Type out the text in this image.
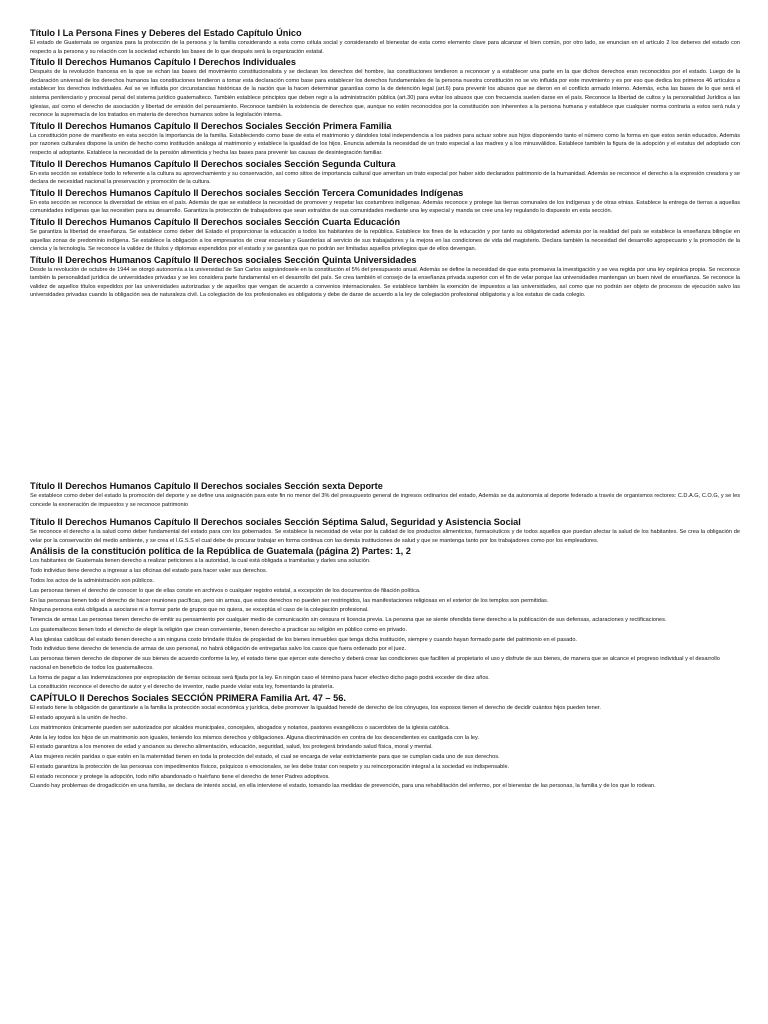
Título I La Persona Fines y Deberes del Estado Capítulo Único

El estado de Guatemala se organiza para la protección de la persona y la familia considerando a esta como célula social y considerando el bienestar de esta como elemento clave para alcanzar el bien común, por otro lado, se enuncian en el artículo 2 los deberes del estado con respecto a la persona y su relación con la sociedad echando las bases de lo que después será la organización estatal.

Título II Derechos Humanos Capítulo I Derechos Individuales

Después de la revolución francesa en la que se echan las bases del movimiento constitucionalista y se declaran los derechos del hombre, las constituciones tendieron a reconocer y a establecer una parte en la que dichos derechos eran reconocidos por el estado. Luego de la declaración universal de los derechos humanos las constituciones tendieron a tomar esta declaración como base para establecer los derechos fundamentales de la persona nuestra constitución no se vio influida por este movimiento y es por eso que dedica los primeros 46 artículos a establecer los derechos individuales. Así se ve influida por circunstancias históricas de la nación que la hacen determinar garantías como la de detención legal (art.6) para prevenir los abusos que se dieron en el conflicto armado interno. Además, echa las bases de lo que será el sistema penitenciario y procesal penal del sistema jurídico guatemalteco. También establece principios que deben regir a la administración pública (art.30) para evitar los abusos que con frecuencia suelen darse en el país. Reconoce la libertad de cultos y la personalidad Jurídica a las iglesias, así como el derecho de asociación y libertad de emisión del pensamiento. Reconoce también la existencia de derechos que, aunque no estén reconocidos por la constitución son inherentes a la persona humana y establece que cualquier norma contraria a estos será nula y reconoce la supremacía de los tratados en materia de derechos humanos sobre la legislación interna.

Título II Derechos Humanos Capítulo II Derechos Sociales Sección Primera Familia

La constitución pone de manifiesto en esta sección la importancia de la familia. Estableciendo como base de esta el matrimonio y dándoles total independencia a los padres para actuar sobre sus hijos disponiendo tanto el número como la forma en que estos serán educados. Además por razones culturales dispone la unión de hecho como institución análoga al matrimonio y establece la igualdad de los hijos. Enuncia además la necesidad de un trato especial a las madres y a los minusválidos. Establece también la figura de la adopción y el estatus del adoptado con respecto al adoptante. Establece la necesidad de la pensión alimenticia y hecha las bases para prevenir las causas de desintegración familiar.

Título II Derechos Humanos Capítulo II Derechos sociales Sección Segunda Cultura

En esta sección se establece todo lo referente a la cultura su aprovechamiento y su conservación, así como sitios de importancia cultural que ameritan un trato especial por haber sido declarados patrimonio de la humanidad. Además se reconoce el derecho a la expresión creadora y se declara de necesidad nacional la preservación y promoción de la cultura.

Título II Derechos Humanos Capítulo II Derechos sociales Sección Tercera Comunidades Indígenas

En esta sección se reconoce la diversidad de etnias en el país. Además de que se establece la necesidad de promover y respetar las costumbres indígenas. Además reconoce y protege las tierras comunales de los indígenas y de otras etnias. Establece la entrega de tierras a aquellas comunidades indígenas que las necesiten para su desarrollo. Garantiza la protección de trabajadores que sean extraídos de sus comunidades mediante una ley especial y manda se cree una ley regulando lo dispuesto en esta sección.

Título II Derechos Humanos Capítulo II Derechos sociales Sección Cuarta Educación

Se garantiza la libertad de enseñanza. Se establece como deber del Estado el proporcionar la educación a todos los habitantes de la república. Establece los fines de la educación y por tanto su obligatoriedad además por la realidad del país se establece la enseñanza bilingüe en aquellas zonas de predominio indígena. Se establece la obligación a los empresarios de crear escuelas y Guarderías al servicio de sus trabajadores y la mejora en las condiciones de vida del magisterio. Declara también la necesidad del desarrollo agropecuario y la promoción de la ciencia y la tecnología. Se reconoce la validez de títulos y diplomas expendidos por el estado y se garantiza que no podrán ser limitadas aquellos privilegios que de ellos devengan.

Título II Derechos Humanos Capítulo II Derechos sociales Sección Quinta Universidades

Desde la revolución de octubre de 1944 se otorgó autonomía a la universidad de San Carlos asignándosele en la constitución el 5% del presupuesto anual. Además se define la necesidad de que esta promueva la investigación y se vea regida por una ley orgánica propia. Se reconoce también la personalidad jurídica de universidades privadas y se les considera parte fundamental en el desarrollo del país. Se crea también el consejo de la enseñanza privada superior con el fin de velar porque las universidades mantengan un buen nivel de enseñanza. Se reconoce la validez de aquellos títulos expedidos por las universidades autorizadas y de aquellos que vengan de acuerdo a convenios internacionales. Se establece también la exención de impuestos a las universidades, así como que no podrán ser objeto de procesos de ejecución salvo las universidades privadas cuando la obligación sea de naturaleza civil. La colegiación de los profesionales es obligatoria y debe de darse de acuerdo a la ley de colegiación profesional obligatoria y a los estatus de cada colegio.

Título II Derechos Humanos Capítulo II Derechos sociales Sección sexta Deporte

Se establece como deber del estado la promoción del deporte y se define una asignación para este fin no menor del 3% del presupuesto general de ingresos ordinarios del estado, Además se da autonomía al deporte federado a través de organismos rectores: C.D.A.G, C.O.G, y se les concede la exoneración de impuestos y se reconoce patrimonio

Título II Derechos Humanos Capítulo II Derechos sociales Sección Séptima Salud, Seguridad y Asistencia Social

Se reconoce el derecho a la salud como deber fundamental del estado para con los gobernados. Se establece la necesidad de velar por la calidad de los productos alimenticios, farmacéuticos y de todos aquellos que puedan afectar la salud de los habitantes. Se crea la obligación de velar por la conservación del medio ambiente, y se crea el I.G.S.S el cual debe de procurar trabajar en forma continua con las demás instituciones de salud y que se mantenga tanto por los trabajadores como por los empleadores.

Análisis de la constitución política de la República de Guatemala (página 2) Partes: 1, 2

Los habitantes de Guatemala tienen derecho a realizar peticiones a la autoridad, la cual está obligada a tramitarlas y darles una solución.

Todo individuo tiene derecho a ingresar a las oficinas del estado para hacer valer sus derechos.

Todos los actos de la administración son públicos.

Las personas tienen el derecho de conocer lo que de ellas conste en archivos o cualquier registro estatal, a excepción de los documentos de filiación política.

En las personas tienen todo el derecho de hacer reuniones pacíficas, pero sin armas, que estos derechos no pueden ser restringidos, las manifestaciones religiosas en el exterior de los templos son permitidas.

Ninguna persona está obligada a asociarse ni a formar parte de grupos que no quiera, se exceptúa el caso de la colegiación profesional.

Tenencia de armas Las personas tienen derecho de emitir su pensamiento por cualquier medio de comunicación sin censura ni licencia previa. La persona que se siente ofendida tiene derecho a la publicación de sus defensas, aclaraciones y rectificaciones.

Los guatemaltecos tienen todo el derecho de elegir la religión que crean conveniente, tienen derecho a practicar su religión en público como en privado.

A las iglesias católicas del estado tienen derecho a sin ninguna costo brindarle títulos de propiedad de los bienes inmuebles que tenga dicha institución, siempre y cuando hayan formado parte del patrimonio en el pasado.

Todo individuo tiene derecho de tenencia de armas de uso personal, no habrá obligación de entregarlas salvo los casos que fuera ordenado por el juez.

Las personas tienen derecho de disponer de sus bienes de acuerdo conforme la ley, el estado tiene que ejercer este derecho y deberá crear las condiciones que faciliten al propietario el uso y disfrute de sus bienes, de manera que se alcance el progreso individual y el desarrollo nacional en beneficio de todos los guatemaltecos.

La forma de pagar a las indemnizaciones por expropiación de tierras ociosas será fijada por la ley. En ningún caso el término para hacer efectivo dicho pago podrá exceder de diez años.

La constitución reconoce el derecho de autor y el derecho de inventor, nadie puede violar esta ley, fomentando la piratería.

CAPÍTULO II Derechos Sociales SECCIÓN PRIMERA Familia Art. 47 – 56.

El estado tiene la obligación de garantizarle a la familia la protección social económica y jurídica, debe promover la igualdad heredé de derecho de los cónyuges, los esposos tienen el derecho de decidir cuántos hijos pueden tener.

El estado apoyará a la unión de hecho.

Los matrimonios únicamente pueden ser autorizados por alcaldes municipales, concejales, abogados y notarios, pastores evangélicos o sacerdotes de la iglesia católica.

Ante la ley todos los hijos de un matrimonio son iguales, teniendo los mismos derechos y obligaciones. Alguna discriminación en contra de los descendientes es castigada con la ley.

El estado garantiza a los menores de edad y ancianos su derecho alimentación, educación, seguridad, salud, los protegerá brindando salud física, moral y mental.

A las mujeres recién paridas o que estén en la maternidad tienen en toda la protección del estado, el cual se encarga de velar estrictamente para que se cumplan cada uno de sus derechos.

El estado garantiza la protección de las personas con impedimentos físicos, psíquicos o emocionales, se les debe tratar con respeto y su reincorporación integral a la sociedad es indispensable.

El estado reconoce y protege la adopción, todo niño abandonado o huérfano tiene el derecho de tener Padres adoptivos.

Cuando hay problemas de drogadicción en una familia, se declara de interés social, en ella interviene el estado, tomando las medidas de prevención, para una rehabilitación del enfermo, por el bienestar de las personas, la familia y de los que lo rodean.
